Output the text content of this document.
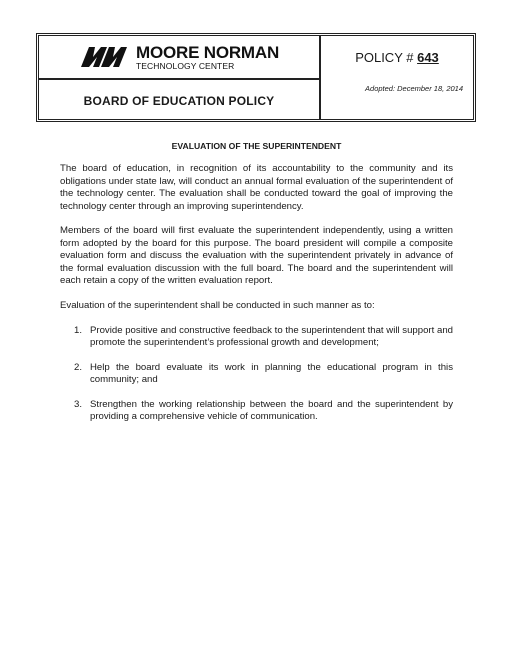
MOORE NORMAN
TECHNOLOGY CENTER
BOARD OF EDUCATION POLICY
POLICY # 643
Adopted: December 18, 2014
EVALUATION OF THE SUPERINTENDENT

The board of education, in recognition of its accountability to the community and its obligations under state law, will conduct an annual formal evaluation of the superintendent of the technology center. The evaluation shall be conducted toward the goal of improving the technology center through an improving superintendency.

Members of the board will first evaluate the superintendent independently, using a written form adopted by the board for this purpose. The board president will compile a composite evaluation form and discuss the evaluation with the superintendent privately in advance of the formal evaluation discussion with the full board. The board and the superintendent will each retain a copy of the written evaluation report.

Evaluation of the superintendent shall be conducted in such manner as to:

1. Provide positive and constructive feedback to the superintendent that will support and promote the superintendent’s professional growth and development;
2. Help the board evaluate its work in planning the educational program in this community; and
3. Strengthen the working relationship between the board and the superintendent by providing a comprehensive vehicle of communication.
